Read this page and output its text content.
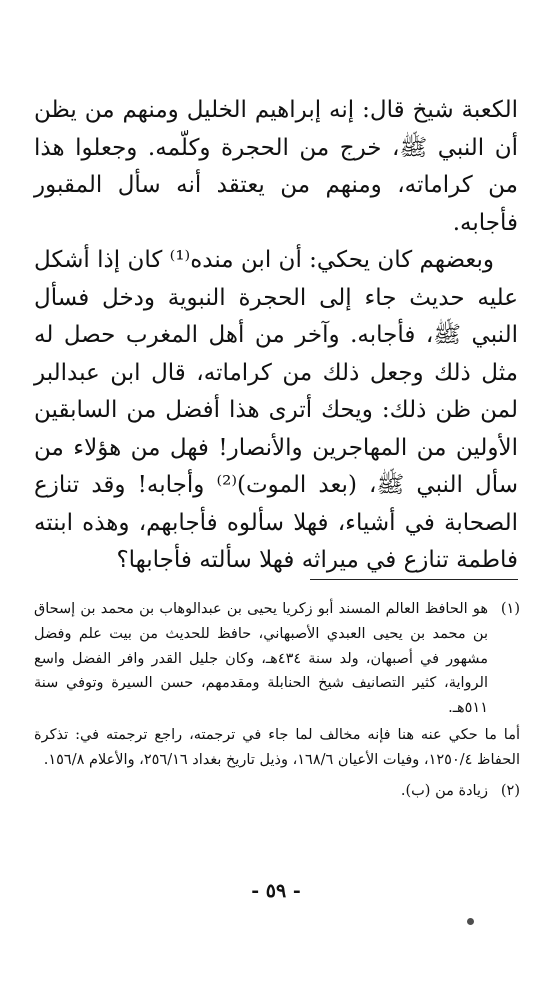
الكعبة شيخ قال: إنه إبراهيم الخليل ومنهم من يظن أن النبي ﷺ، خرج من الحجرة وكلّمه. وجعلوا هذا من كراماته، ومنهم من يعتقد أنه سأل المقبور فأجابه.
وبعضهم كان يحكي: أن ابن منده⁽¹⁾ كان إذا أشكل عليه حديث جاء إلى الحجرة النبوية ودخل فسأل النبي ﷺ، فأجابه. وآخر من أهل المغرب حصل له مثل ذلك وجعل ذلك من كراماته، قال ابن عبدالبر لمن ظن ذلك: ويحك أترى هذا أفضل من السابقين الأولين من المهاجرين والأنصار! فهل من هؤلاء من سأل النبي ﷺ، (بعد الموت)⁽²⁾ وأجابه! وقد تنازع الصحابة في أشياء، فهلا سألوه فأجابهم، وهذه ابنته فاطمة تنازع في ميراثه فهلا سألته فأجابها؟
(١)
هو الحافظ العالم المسند أبو زكريا يحيى بن عبدالوهاب بن محمد بن إسحاق بن محمد بن يحيى العبدي الأصبهاني، حافظ للحديث من بيت علم وفضل مشهور في أصبهان، ولد سنة ٤٣٤هـ، وكان جليل القدر وافر الفضل واسع الرواية، كثير التصانيف شيخ الحنابلة ومقدمهم، حسن السيرة وتوفي سنة ٥١١هـ.
أما ما حكي عنه هنا فإنه مخالف لما جاء في ترجمته، راجع ترجمته في: تذكرة الحفاظ ١٢٥٠/٤، وفيات الأعيان ١٦٨/٦، وذيل تاريخ بغداد ٢٥٦/١٦، والأعلام ١٥٦/٨.
(٢)
زيادة من (ب).
- ٥٩ -
